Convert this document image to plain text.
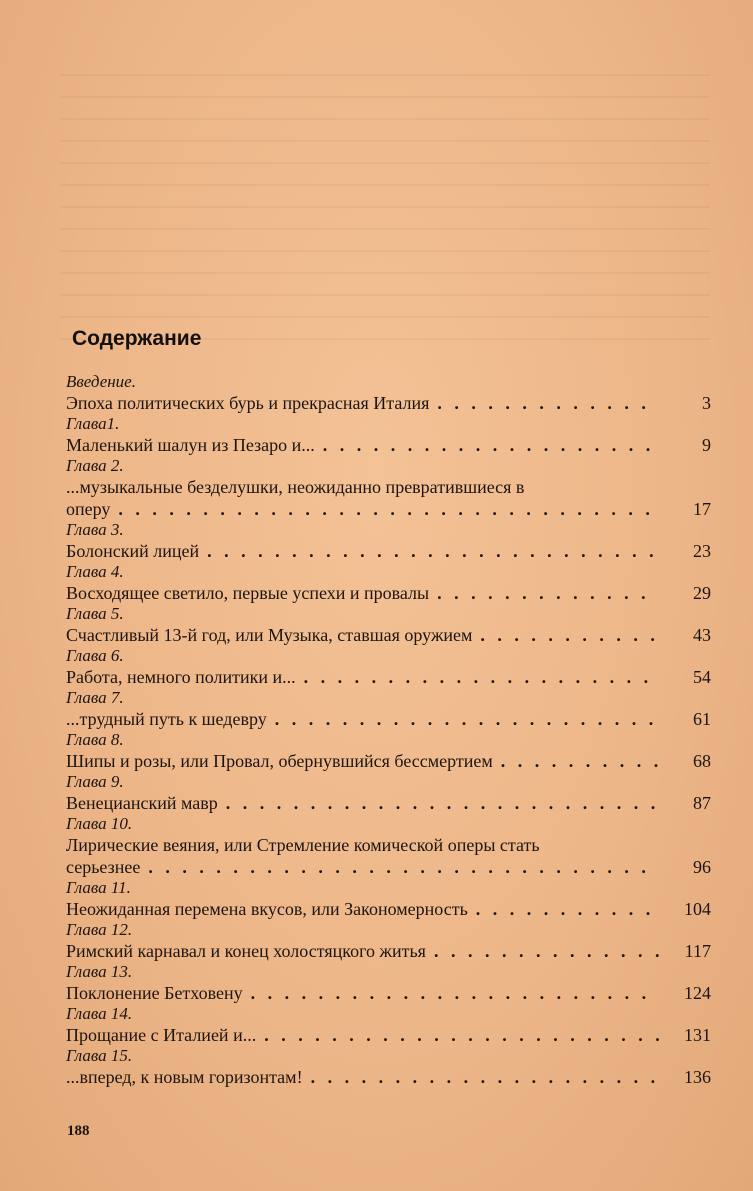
Содержание
Введение.
Эпоха политических бурь и прекрасная Италия . . .	3
Глава1.
Маленький шалун из Пезаро и... . . .	9
Глава 2.
...музыкальные безделушки, неожиданно превратившиеся в
оперу . . .	17
Глава 3.
Болонский лицей . . .	23
Глава 4.
Восходящее светило, первые успехи и провалы . . .	29
Глава 5.
Счастливый 13-й год, или Музыка, ставшая оружием . . .	43
Глава 6.
Работа, немного политики и... . . .	54
Глава 7.
...трудный путь к шедевру . . .	61
Глава 8.
Шипы и розы, или Провал, обернувшийся бессмертием . . .	68
Глава 9.
Венецианский мавр . . .	87
Глава 10.
Лирические веяния, или Стремление комической оперы стать
серьезнее . . .	96
Глава 11.
Неожиданная перемена вкусов, или Закономерность . . .	104
Глава 12.
Римский карнавал и конец холостяцкого житья . . .	117
Глава 13.
Поклонение Бетховену . . .	124
Глава 14.
Прощание с Италией и... . . .	131
Глава 15.
...вперед, к новым горизонтам! . . .	136
188
